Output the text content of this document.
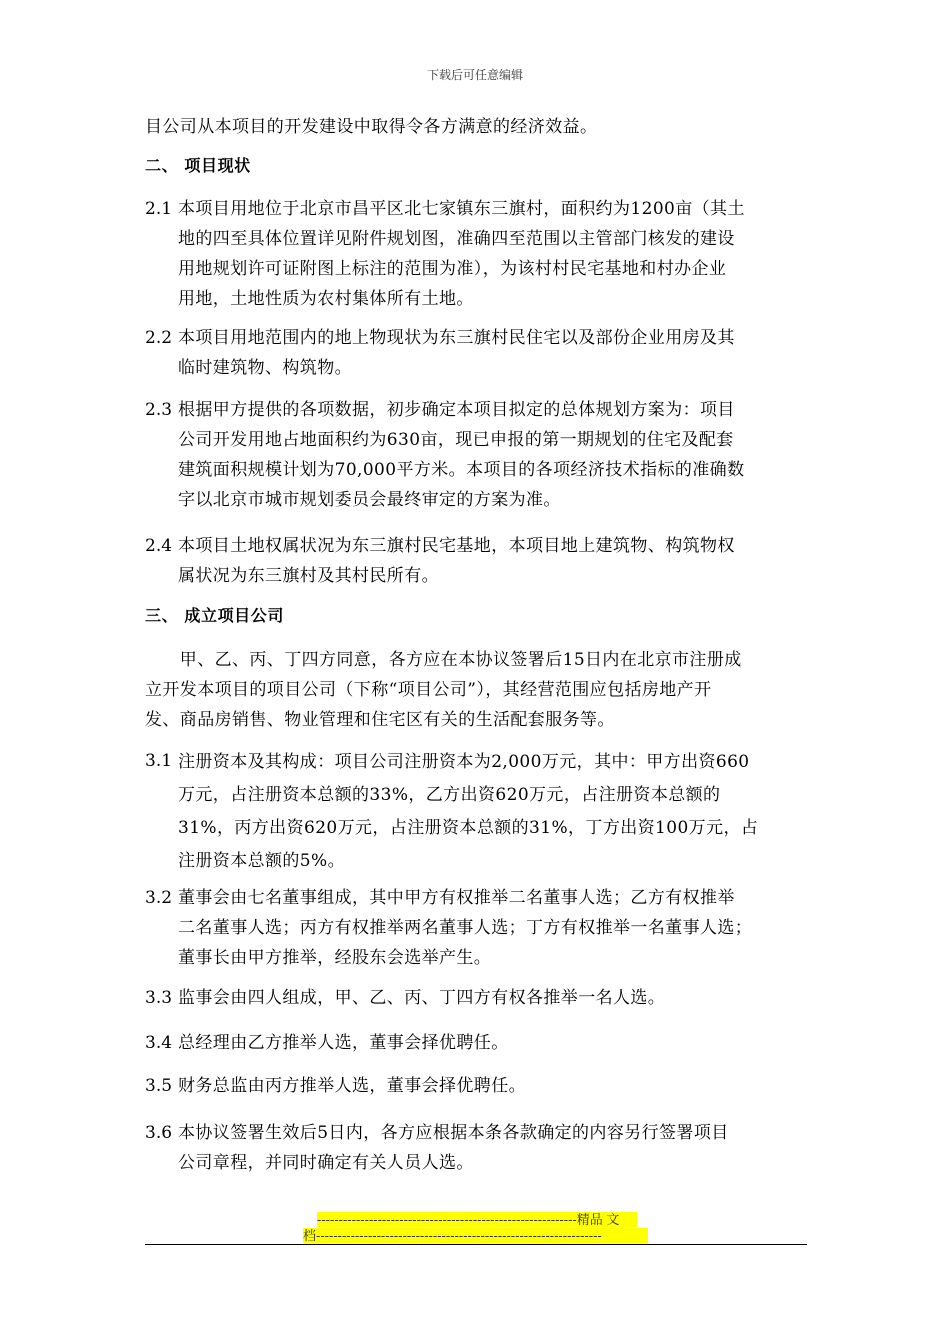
下载后可任意编辑
目公司从本项目的开发建设中取得令各方满意的经济效益。
二、 项目现状
2.1 本项目用地位于北京市昌平区北七家镇东三旗村，面积约为1200亩（其土
地的四至具体位置详见附件规划图，准确四至范围以主管部门核发的建设
用地规划许可证附图上标注的范围为准），为该村村民宅基地和村办企业
用地，土地性质为农村集体所有土地。
2.2 本项目用地范围内的地上物现状为东三旗村民住宅以及部份企业用房及其
临时建筑物、构筑物。
2.3 根据甲方提供的各项数据，初步确定本项目拟定的总体规划方案为：项目
公司开发用地占地面积约为630亩，现已申报的第一期规划的住宅及配套
建筑面积规模计划为70,000平方米。本项目的各项经济技术指标的准确数
字以北京市城市规划委员会最终审定的方案为准。
2.4 本项目土地权属状况为东三旗村民宅基地，本项目地上建筑物、构筑物权
属状况为东三旗村及其村民所有。
三、 成立项目公司
　　甲、乙、丙、丁四方同意，各方应在本协议签署后15日内在北京市注册成
立开发本项目的项目公司（下称“项目公司”），其经营范围应包括房地产开
发、商品房销售、物业管理和住宅区有关的生活配套服务等。
3.1 注册资本及其构成：项目公司注册资本为2,000万元，其中：甲方出资660
万元，占注册资本总额的33%，乙方出资620万元，占注册资本总额的
31%，丙方出资620万元，占注册资本总额的31%，丁方出资100万元，占
注册资本总额的5%。
3.2 董事会由七名董事组成，其中甲方有权推举二名董事人选；乙方有权推举
二名董事人选；丙方有权推举两名董事人选；丁方有权推举一名董事人选；
董事长由甲方推举，经股东会选举产生。
3.3 监事会由四人组成，甲、乙、丙、丁四方有权各推举一名人选。
3.4 总经理由乙方推举人选，董事会择优聘任。
3.5 财务总监由丙方推举人选，董事会择优聘任。
3.6 本协议签署生效后5日内，各方应根据本条各款确定的内容另行签署项目
公司章程，并同时确定有关人员人选。
------------------------------------------------------------精品 文
档------------------------------------------------------------------
